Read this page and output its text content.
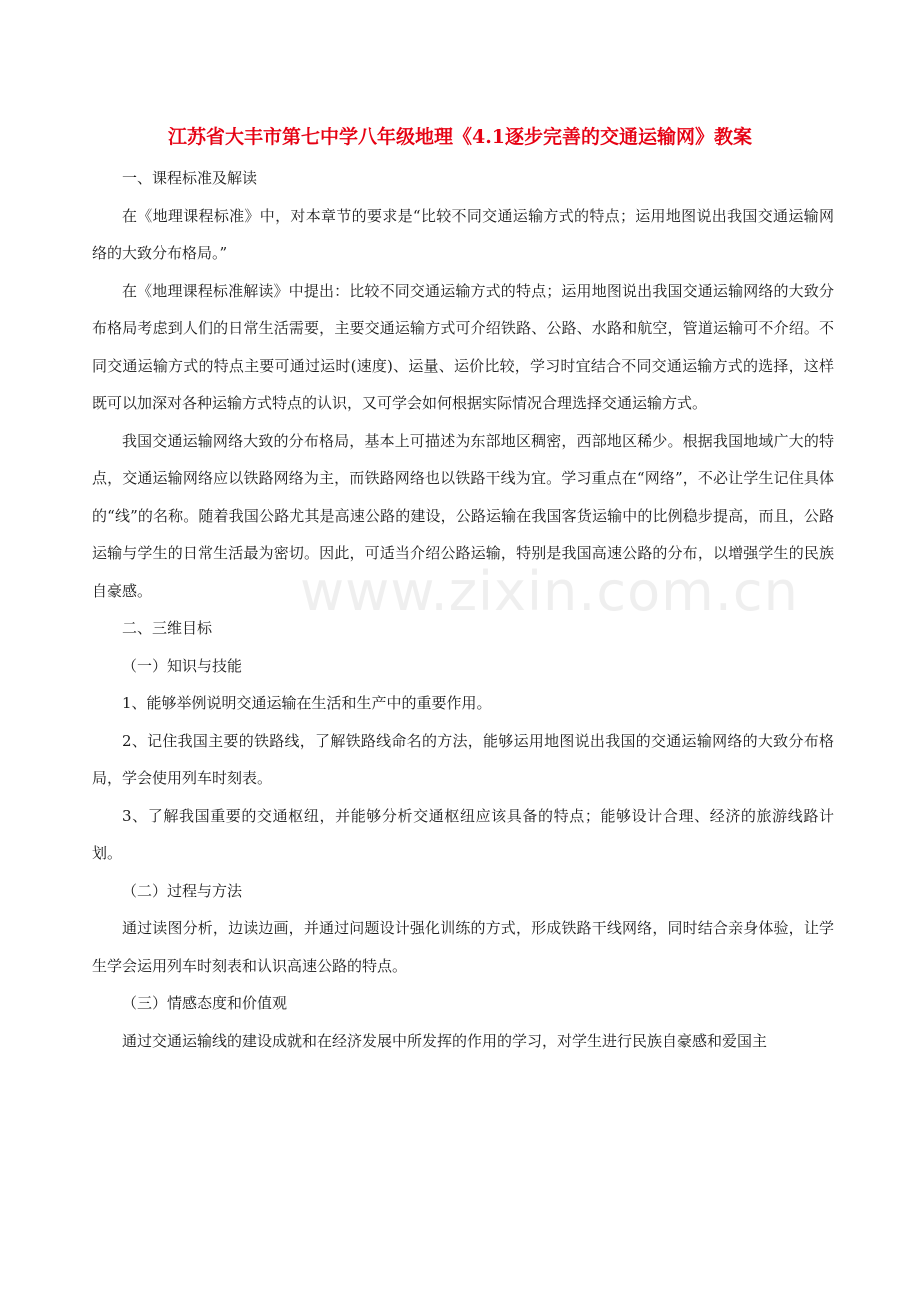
江苏省大丰市第七中学八年级地理《4.1逐步完善的交通运输网》教案

一、课程标准及解读

在《地理课程标准》中，对本章节的要求是“比较不同交通运输方式的特点；运用地图说出我国交通运输网络的大致分布格局。”

在《地理课程标准解读》中提出：比较不同交通运输方式的特点；运用地图说出我国交通运输网络的大致分布格局考虑到人们的日常生活需要，主要交通运输方式可介绍铁路、公路、水路和航空，管道运输可不介绍。不同交通运输方式的特点主要可通过运时(速度)、运量、运价比较，学习时宜结合不同交通运输方式的选择，这样既可以加深对各种运输方式特点的认识，又可学会如何根据实际情况合理选择交通运输方式。

我国交通运输网络大致的分布格局，基本上可描述为东部地区稠密，西部地区稀少。根据我国地域广大的特点，交通运输网络应以铁路网络为主，而铁路网络也以铁路干线为宜。学习重点在“网络”，不必让学生记住具体的“线”的名称。随着我国公路尤其是高速公路的建设，公路运输在我国客货运输中的比例稳步提高，而且，公路运输与学生的日常生活最为密切。因此，可适当介绍公路运输，特别是我国高速公路的分布，以增强学生的民族自豪感。

二、三维目标

（一）知识与技能

1、能够举例说明交通运输在生活和生产中的重要作用。

2、记住我国主要的铁路线，了解铁路线命名的方法，能够运用地图说出我国的交通运输网络的大致分布格局，学会使用列车时刻表。

3、了解我国重要的交通枢纽，并能够分析交通枢纽应该具备的特点；能够设计合理、经济的旅游线路计划。

（二）过程与方法

通过读图分析，边读边画，并通过问题设计强化训练的方式，形成铁路干线网络，同时结合亲身体验，让学生学会运用列车时刻表和认识高速公路的特点。

（三）情感态度和价值观

通过交通运输线的建设成就和在经济发展中所发挥的作用的学习，对学生进行民族自豪感和爱国主

www.zixin.com.cn
